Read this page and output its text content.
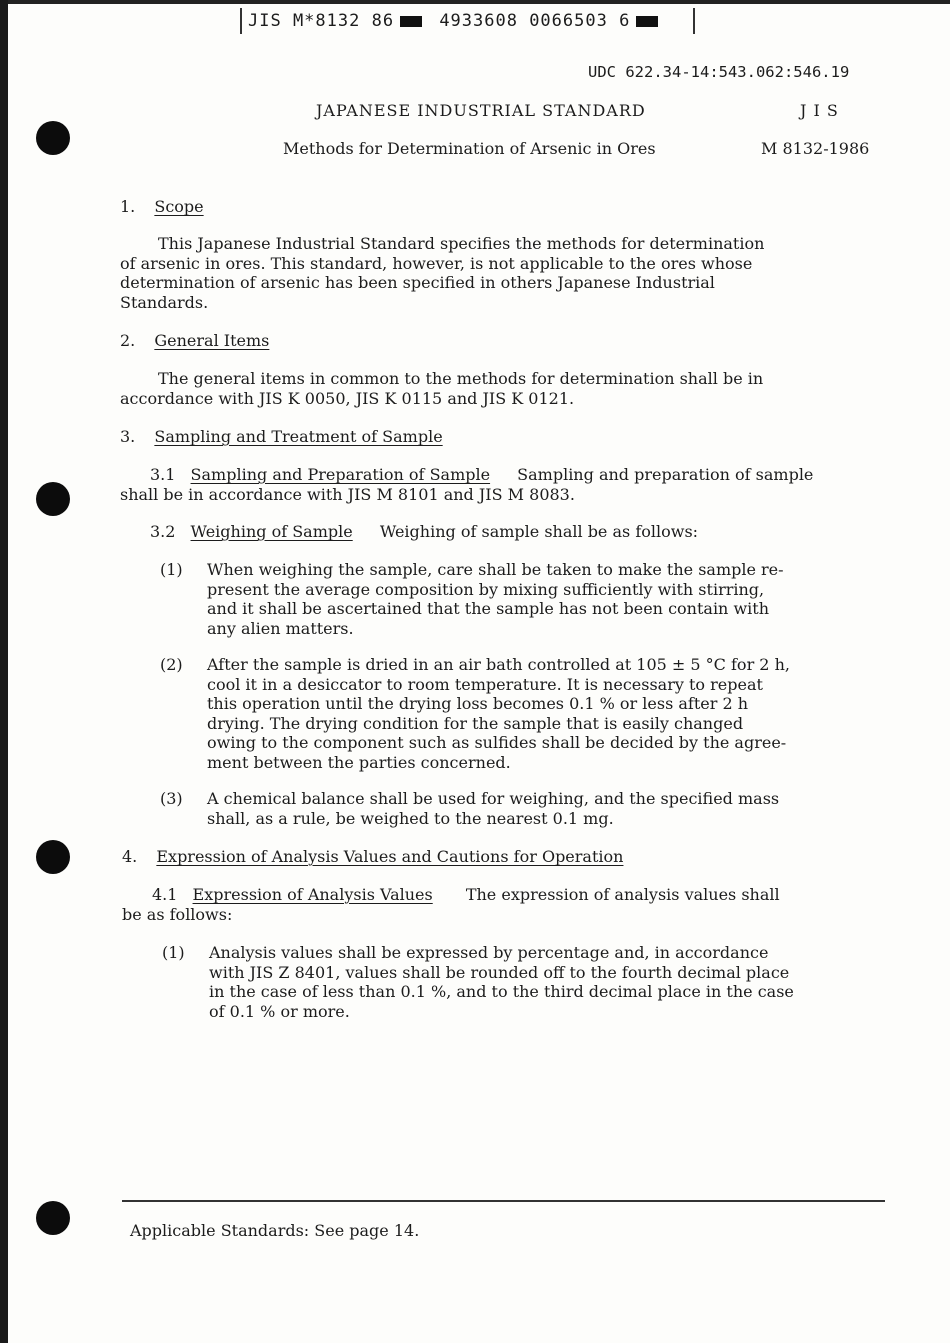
JIS M*8132 86	4933608 0066503 6
UDC 622.34-14:543.062:546.19
JAPANESE INDUSTRIAL STANDARD	J I S
Methods for Determination of Arsenic in Ores	M 8132-1986
1. Scope
This Japanese Industrial Standard specifies the methods for determination
of arsenic in ores. This standard, however, is not applicable to the ores whose
determination of arsenic has been specified in others Japanese Industrial
Standards.
2. General Items
The general items in common to the methods for determination shall be in
accordance with JIS K 0050, JIS K 0115 and JIS K 0121.
3. Sampling and Treatment of Sample
3.1 Sampling and Preparation of Sample Sampling and preparation of sample
shall be in accordance with JIS M 8101 and JIS M 8083.
3.2 Weighing of Sample Weighing of sample shall be as follows:
(1) When weighing the sample, care shall be taken to make the sample re-
present the average composition by mixing sufficiently with stirring,
and it shall be ascertained that the sample has not been contain with
any alien matters.
(2) After the sample is dried in an air bath controlled at 105 ± 5 °C for 2 h,
cool it in a desiccator to room temperature. It is necessary to repeat
this operation until the drying loss becomes 0.1 % or less after 2 h
drying. The drying condition for the sample that is easily changed
owing to the component such as sulfides shall be decided by the agree-
ment between the parties concerned.
(3) A chemical balance shall be used for weighing, and the specified mass
shall, as a rule, be weighed to the nearest 0.1 mg.
4. Expression of Analysis Values and Cautions for Operation
4.1 Expression of Analysis Values The expression of analysis values shall
be as follows:
(1) Analysis values shall be expressed by percentage and, in accordance
with JIS Z 8401, values shall be rounded off to the fourth decimal place
in the case of less than 0.1 %, and to the third decimal place in the case
of 0.1 % or more.
Applicable Standards: See page 14.
